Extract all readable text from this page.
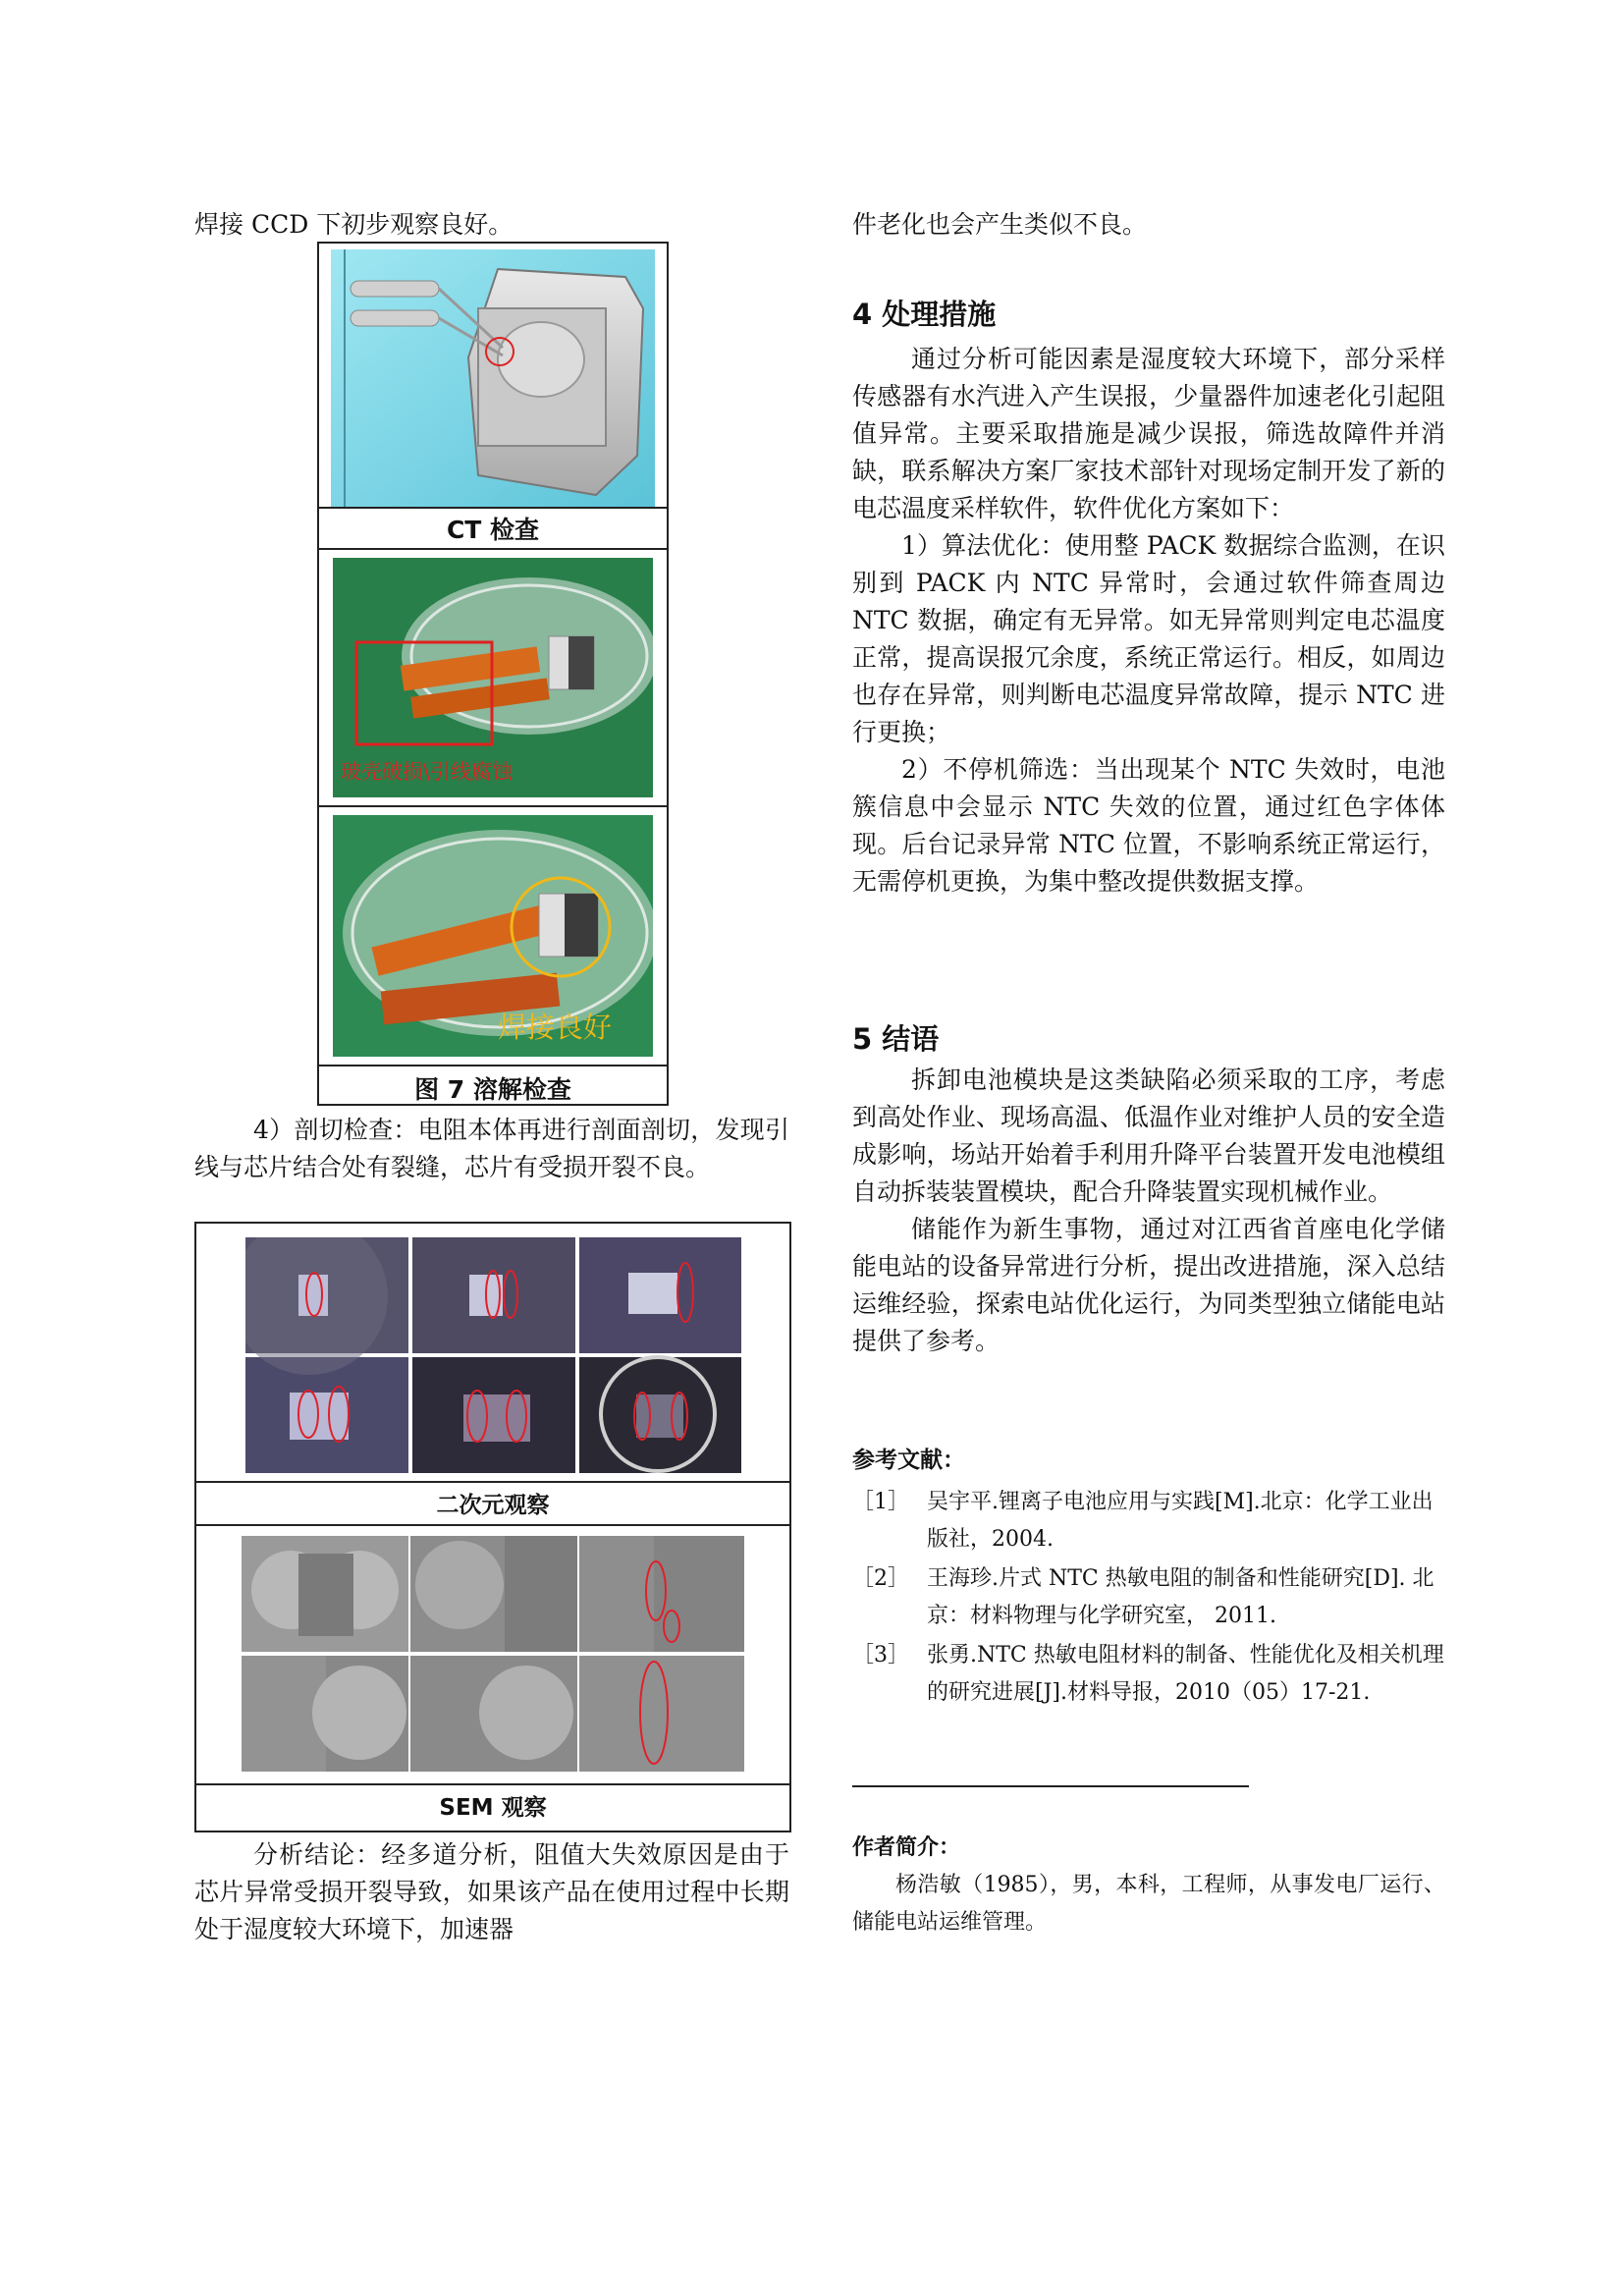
焊接 CCD 下初步观察良好。

CT 检查
玻壳破损\引线腐蚀
焊接良好
图 7 溶解检查

4）剖切检查：电阻本体再进行剖面剖切，发现引线与芯片结合处有裂缝，芯片有受损开裂不良。

二次元观察
SEM 观察

分析结论：经多道分析，阻值大失效原因是由于芯片异常受损开裂导致，如果该产品在使用过程中长期处于湿度较大环境下，加速器

件老化也会产生类似不良。

4 处理措施

通过分析可能因素是湿度较大环境下，部分采样传感器有水汽进入产生误报，少量器件加速老化引起阻值异常。主要采取措施是减少误报，筛选故障件并消缺，联系解决方案厂家技术部针对现场定制开发了新的电芯温度采样软件，软件优化方案如下：

1）算法优化：使用整 PACK 数据综合监测，在识别到 PACK 内 NTC 异常时，会通过软件筛查周边 NTC 数据，确定有无异常。如无异常则判定电芯温度正常，提高误报冗余度，系统正常运行。相反，如周边也存在异常，则判断电芯温度异常故障，提示 NTC 进行更换；

2）不停机筛选：当出现某个 NTC 失效时，电池簇信息中会显示 NTC 失效的位置，通过红色字体体现。后台记录异常 NTC 位置，不影响系统正常运行，无需停机更换，为集中整改提供数据支撑。

5 结语

拆卸电池模块是这类缺陷必须采取的工序，考虑到高处作业、现场高温、低温作业对维护人员的安全造成影响，场站开始着手利用升降平台装置开发电池模组自动拆装装置模块，配合升降装置实现机械作业。

储能作为新生事物，通过对江西省首座电化学储能电站的设备异常进行分析，提出改进措施，深入总结运维经验，探索电站优化运行，为同类型独立储能电站提供了参考。

参考文献：
［1］ 吴宇平.锂离子电池应用与实践[M].北京：化学工业出版社，2004.
［2］ 王海珍.片式 NTC 热敏电阻的制备和性能研究[D]. 北京：材料物理与化学研究室， 2011.
［3］ 张勇.NTC 热敏电阻材料的制备、性能优化及相关机理的研究进展[J].材料导报，2010（05）17-21.
作者简介：

杨浩敏（1985），男，本科，工程师，从事发电厂运行、储能电站运维管理。
